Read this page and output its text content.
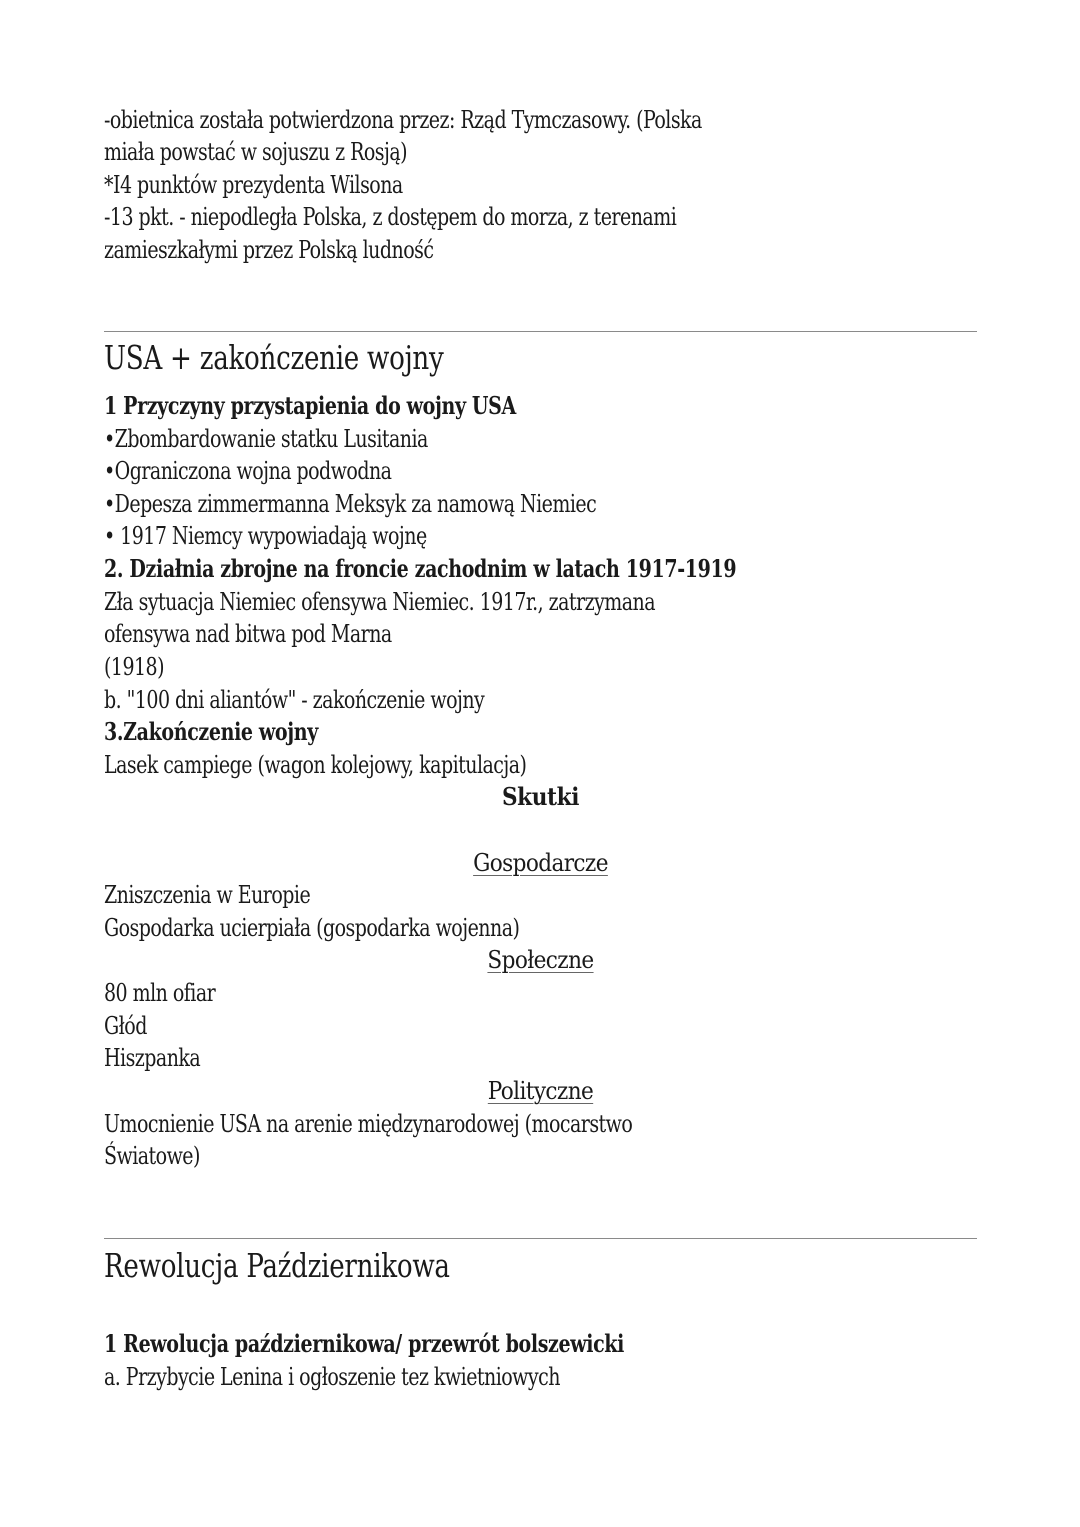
-obietnica została potwierdzona przez: Rząd Tymczasowy. (Polska
miała powstać w sojuszu z Rosją)
*I4 punktów prezydenta Wilsona
-13 pkt. - niepodległa Polska, z dostępem do morza, z terenami
zamieszkałymi przez Polską ludność
USA + zakończenie wojny
1 Przyczyny przystapienia do wojny USA
•Zbombardowanie statku Lusitania
•Ograniczona wojna podwodna
•Depesza zimmermanna Meksyk za namową Niemiec
• 1917 Niemcy wypowiadają wojnę
2. Działnia zbrojne na froncie zachodnim w latach 1917-1919
Zła sytuacja Niemiec ofensywa Niemiec. 1917r., zatrzymana
ofensywa nad bitwa pod Marna
(1918)
b. "100 dni aliantów" - zakończenie wojny
3.Zakończenie wojny
Lasek campiege (wagon kolejowy, kapitulacja)
Skutki
Gospodarcze
Zniszczenia w Europie
Gospodarka ucierpiała (gospodarka wojenna)
Społeczne
80 mln ofiar
Głód
Hiszpanka
Polityczne
Umocnienie USA na arenie międzynarodowej (mocarstwo
Światowe)
Rewolucja Październikowa
1 Rewolucja październikowa/ przewrót bolszewicki
a. Przybycie Lenina i ogłoszenie tez kwietniowych
